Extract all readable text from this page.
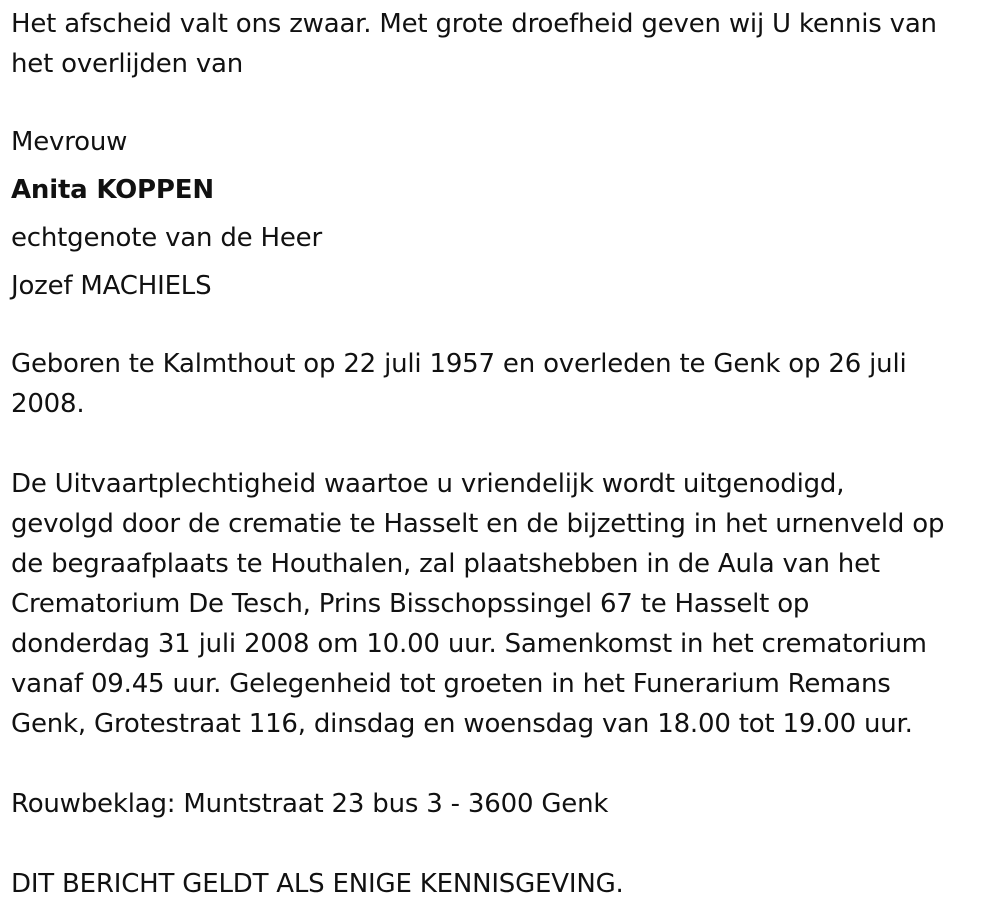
Het afscheid valt ons zwaar. Met grote droefheid geven wij U kennis van
het overlijden van

Mevrouw
Anita KOPPEN
echtgenote van de Heer
Jozef MACHIELS

Geboren te Kalmthout op 22 juli 1957 en overleden te Genk op 26 juli
2008.

De Uitvaartplechtigheid waartoe u vriendelijk wordt uitgenodigd,
gevolgd door de crematie te Hasselt en de bijzetting in het urnenveld op
de begraafplaats te Houthalen, zal plaatshebben in de Aula van het
Crematorium De Tesch, Prins Bisschopssingel 67 te Hasselt op
donderdag 31 juli 2008 om 10.00 uur. Samenkomst in het crematorium
vanaf 09.45 uur. Gelegenheid tot groeten in het Funerarium Remans
Genk, Grotestraat 116, dinsdag en woensdag van 18.00 tot 19.00 uur.

Rouwbeklag: Muntstraat 23 bus 3 - 3600 Genk

DIT BERICHT GELDT ALS ENIGE KENNISGEVING.
